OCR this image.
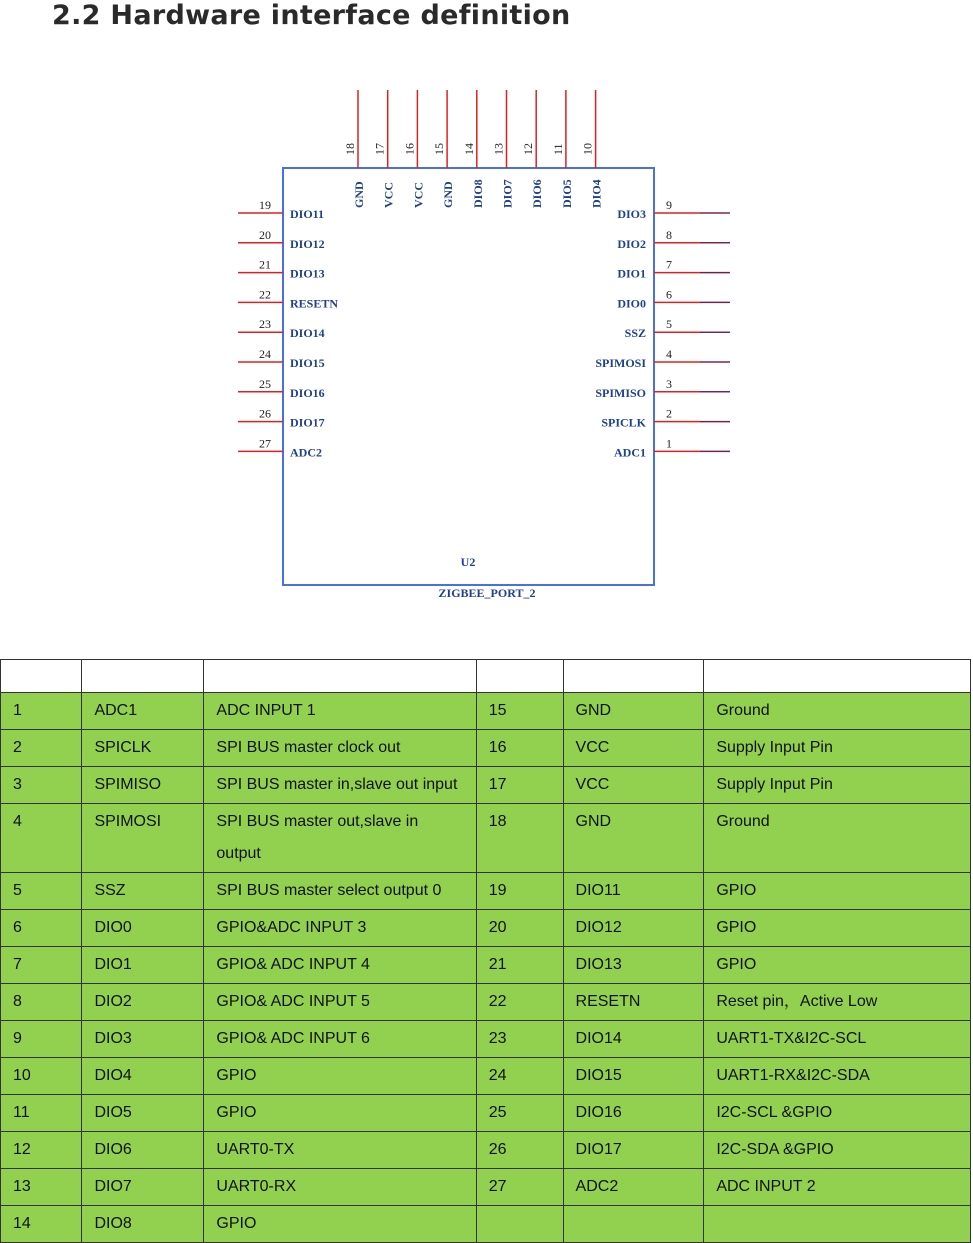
2.2 Hardware interface definition
18
GND
17
VCC
16
VCC
15
GND
14
DIO8
13
DIO7
12
DIO6
11
DIO5
10
DIO4
19
DIO11
20
DIO12
21
DIO13
22
RESETN
23
DIO14
24
DIO15
25
DIO16
26
DIO17
27
ADC2
9
DIO3
8
DIO2
7
DIO1
6
DIO0
5
SSZ
4
SPIMOSI
3
SPIMISO
2
SPICLK
1
ADC1
U2
ZIGBEE_PORT_2

1	ADC1	ADC INPUT 1	15	GND	Ground
2	SPICLK	SPI BUS master clock out	16	VCC	Supply Input Pin
3	SPIMISO	SPI BUS master in,slave out input	17	VCC	Supply Input Pin
4	SPIMOSI	SPI BUS master out,slave in output	18	GND	Ground
5	SSZ	SPI BUS master select output 0	19	DIO11	GPIO
6	DIO0	GPIO&ADC INPUT 3	20	DIO12	GPIO
7	DIO1	GPIO& ADC INPUT 4	21	DIO13	GPIO
8	DIO2	GPIO& ADC INPUT 5	22	RESETN	Reset pin，Active Low
9	DIO3	GPIO& ADC INPUT 6	23	DIO14	UART1-TX&I2C-SCL
10	DIO4	GPIO	24	DIO15	UART1-RX&I2C-SDA
11	DIO5	GPIO	25	DIO16	I2C-SCL &GPIO
12	DIO6	UART0-TX	26	DIO17	I2C-SDA &GPIO
13	DIO7	UART0-RX	27	ADC2	ADC INPUT 2
14	DIO8	GPIO			
